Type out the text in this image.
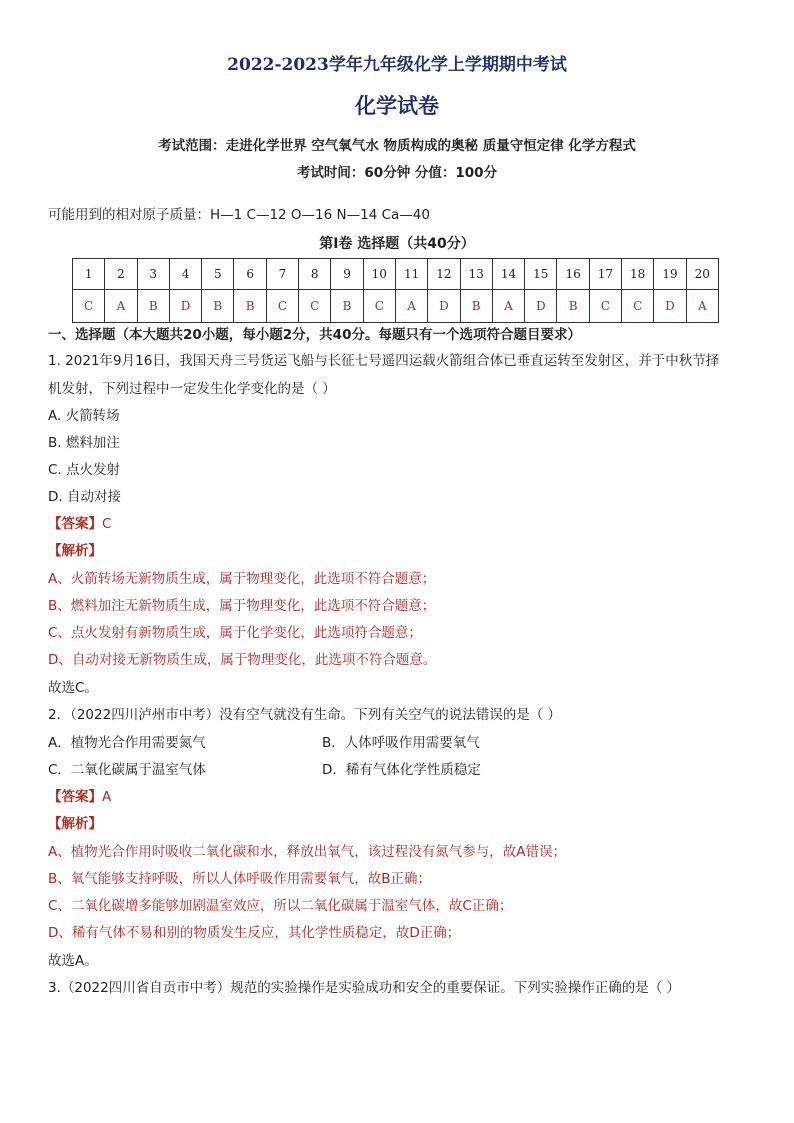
2022-2023学年九年级化学上学期期中考试
化学试卷
考试范围：走进化学世界 空气氧气水 物质构成的奥秘 质量守恒定律 化学方程式
考试时间：60分钟 分值：100分
可能用到的相对原子质量：H—1 C—12 O—16 N—14 Ca—40
第Ⅰ卷 选择题（共40分）
1	2	3	4	5	6	7	8	9	10	11	12	13	14	15	16	17	18	19	20
C	A	B	D	B	B	C	C	B	C	A	D	B	A	D	B	C	C	D	A
一、选择题（本大题共20小题，每小题2分，共40分。每题只有一个选项符合题目要求）
1. 2021年9月16日，我国天舟三号货运飞船与长征七号遥四运载火箭组合体已垂直运转至发射区，并于中秋节择
机发射，下列过程中一定发生化学变化的是（ ）
A. 火箭转场
B. 燃料加注
C. 点火发射
D. 自动对接
【答案】C
【解析】
A、火箭转场无新物质生成，属于物理变化，此选项不符合题意；
B、燃料加注无新物质生成，属于物理变化，此选项不符合题意；
C、点火发射有新物质生成，属于化学变化，此选项符合题意；
D、自动对接无新物质生成，属于物理变化，此选项不符合题意。
故选C。
2．（2022四川泸州市中考）没有空气就没有生命。下列有关空气的说法错误的是（ ）
A．植物光合作用需要氮气	B．人体呼吸作用需要氧气
C．二氧化碳属于温室气体	D．稀有气体化学性质稳定
【答案】A
【解析】
A、植物光合作用时吸收二氧化碳和水，释放出氧气，该过程没有氮气参与，故A错误；
B、氧气能够支持呼吸，所以人体呼吸作用需要氧气，故B正确；
C、二氧化碳增多能够加剧温室效应，所以二氧化碳属于温室气体，故C正确；
D、稀有气体不易和别的物质发生反应，其化学性质稳定，故D正确；
故选A。
3.（2022四川省自贡市中考）规范的实验操作是实验成功和安全的重要保证。下列实验操作正确的是（ ）
